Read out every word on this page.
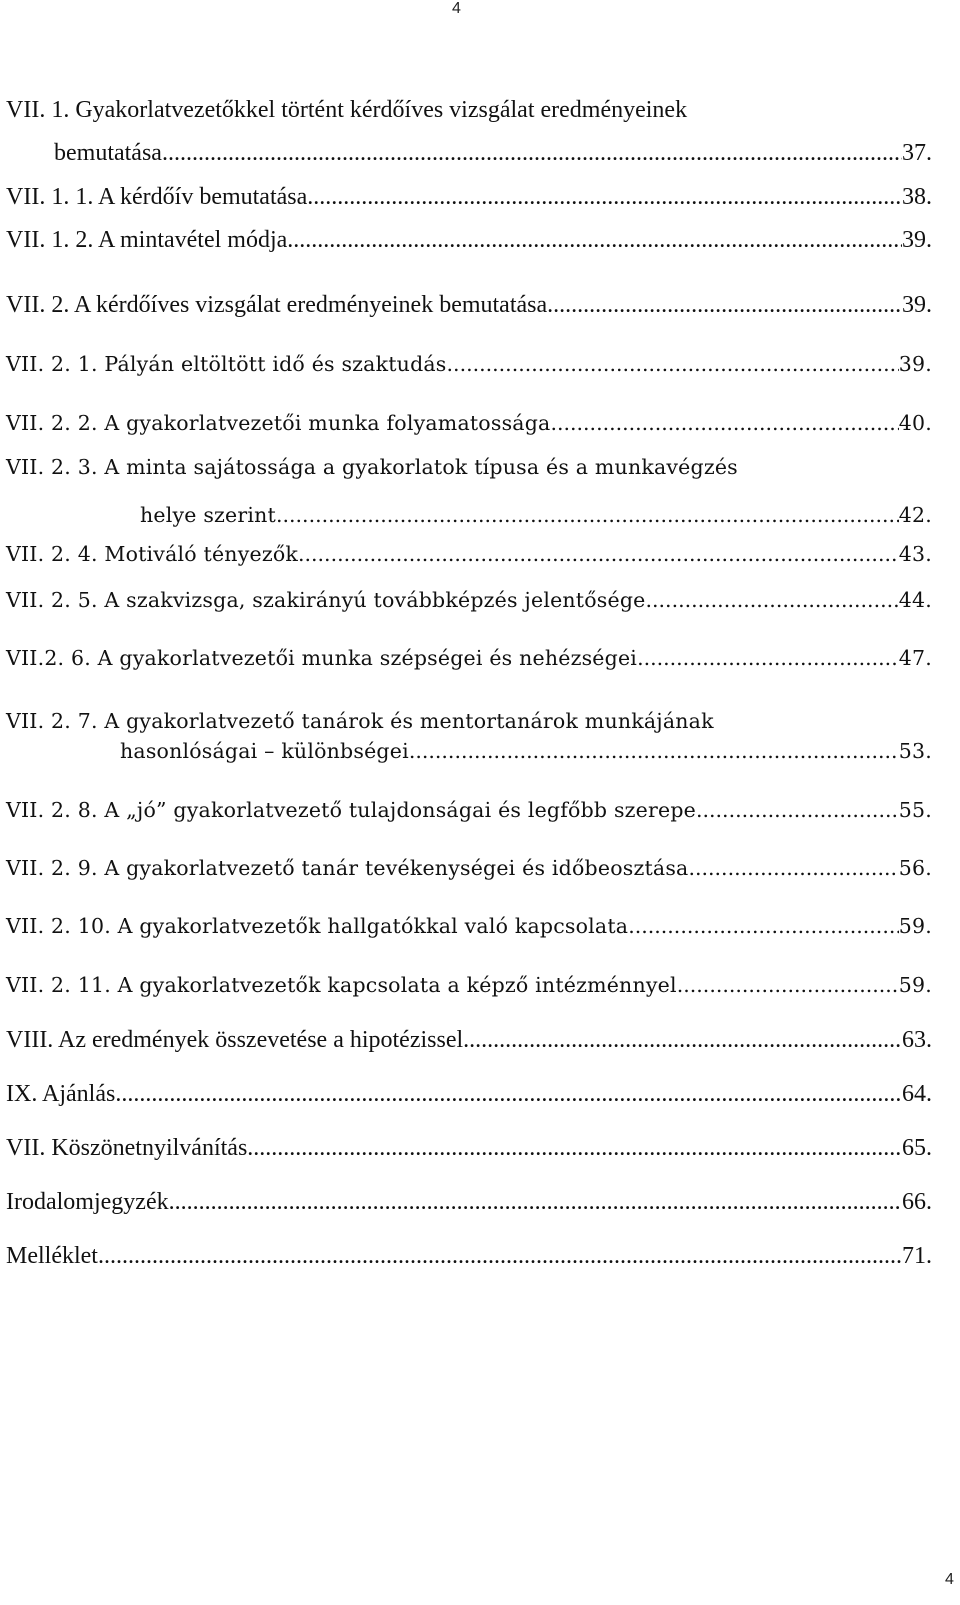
4
VII. 1. Gyakorlatvezetőkkel történt kérdőíves vizsgálat eredményeinek
bemutatása .....	37.
VII. 1. 1. A kérdőív bemutatása .....	38.
VII. 1. 2. A mintavétel módja .....	39.
VII. 2. A kérdőíves vizsgálat eredményeinek bemutatása .....	39.
VII. 2. 1. Pályán eltöltött idő és szaktudás .....	39.
VII. 2. 2. A gyakorlatvezetői munka folyamatossága .....	40.
VII. 2. 3. A minta sajátossága a gyakorlatok típusa és a munkavégzés
helye szerint .....	42.
VII. 2. 4. Motiváló tényezők .....	43.
VII. 2. 5. A szakvizsga, szakirányú továbbképzés jelentősége .....	44.
VII.2. 6. A gyakorlatvezetői munka szépségei és nehézségei .....	47.
VII. 2. 7. A gyakorlatvezető tanárok és mentortanárok munkájának
hasonlóságai – különbségei .....	53.
VII. 2. 8. A „jó” gyakorlatvezető tulajdonságai és legfőbb szerepe .....	55.
VII. 2. 9. A gyakorlatvezető tanár tevékenységei és időbeosztása .....	56.
VII. 2. 10. A gyakorlatvezetők hallgatókkal való kapcsolata .....	59.
VII. 2. 11. A gyakorlatvezetők kapcsolata a képző intézménnyel .....	59.
VIII. Az eredmények összevetése a hipotézissel .....	63.
IX. Ajánlás .....	64.
VII. Köszönetnyilvánítás .....	65.
Irodalomjegyzék .....	66.
Melléklet .....	71.
4
